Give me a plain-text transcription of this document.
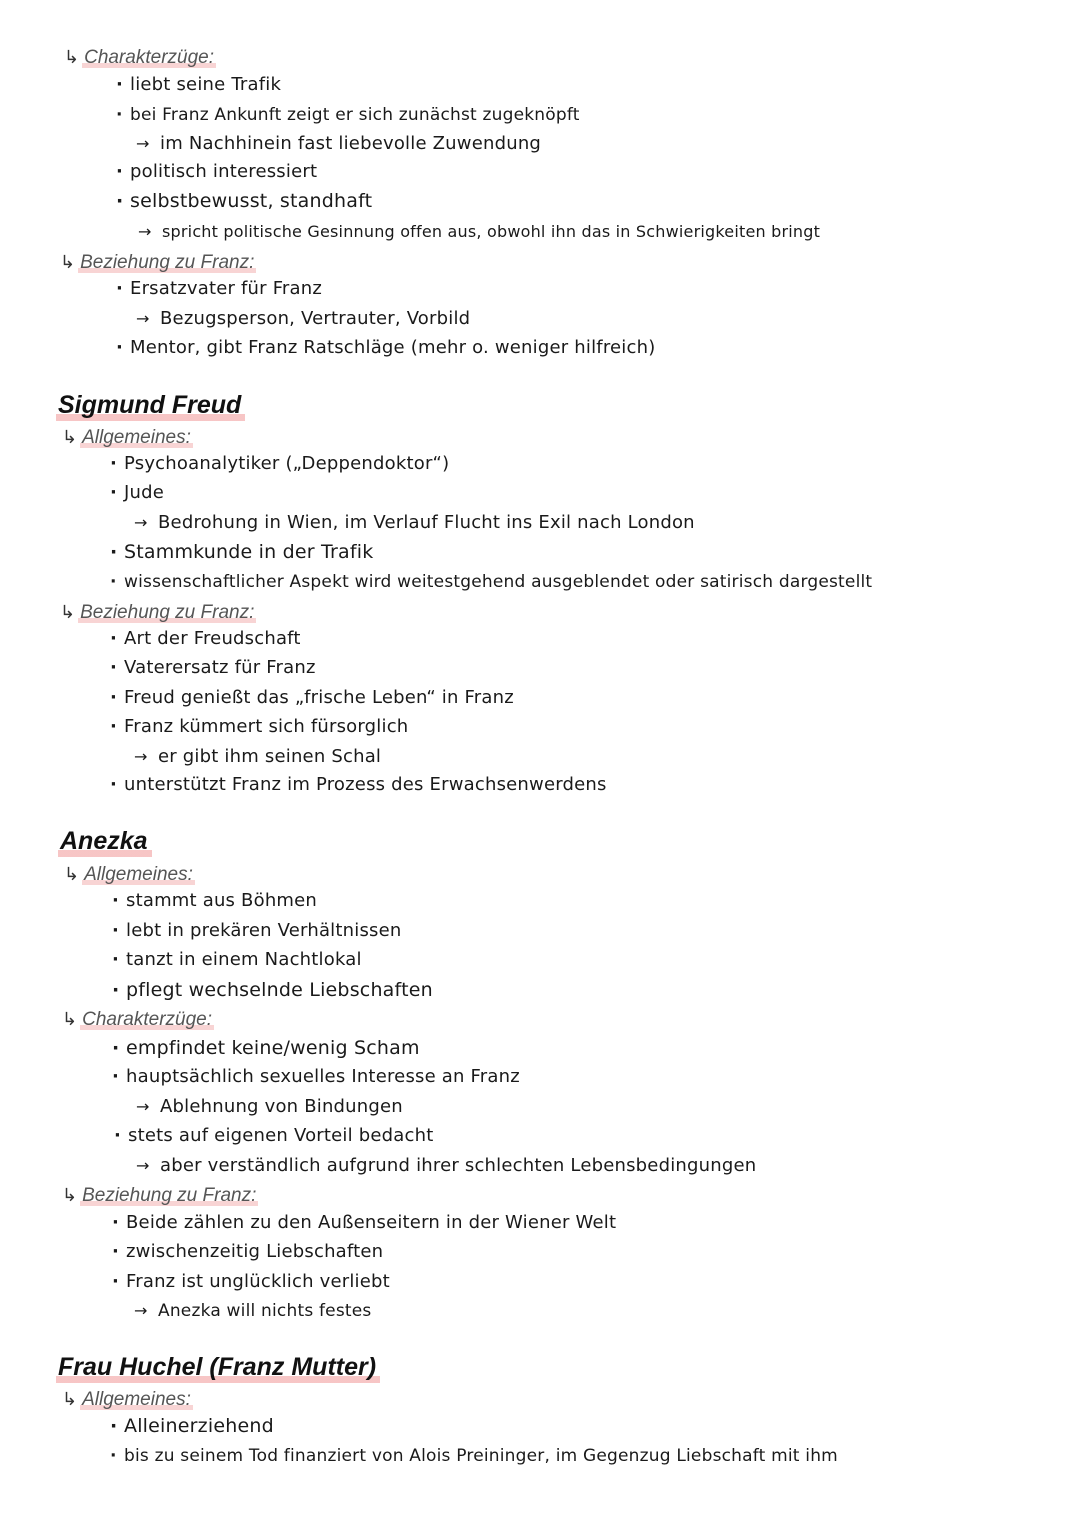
↳ Charakterzüge:
· liebt seine Trafik
· bei Franz Ankunft zeigt er sich zunächst zugeknöpft
→ im Nachhinein fast liebevolle Zuwendung
· politisch interessiert
· selbstbewusst, standhaft
→ spricht politische Gesinnung offen aus, obwohl ihn das in Schwierigkeiten bringt
↳ Beziehung zu Franz:
· Ersatzvater für Franz
→ Bezugsperson, Vertrauter, Vorbild
· Mentor, gibt Franz Ratschläge (mehr o. weniger hilfreich)
Sigmund Freud
↳ Allgemeines:
· Psychoanalytiker („Deppendoktor“)
· Jude
→ Bedrohung in Wien, im Verlauf Flucht ins Exil nach London
· Stammkunde in der Trafik
· wissenschaftlicher Aspekt wird weitestgehend ausgeblendet oder satirisch dargestellt
↳ Beziehung zu Franz:
· Art der Freudschaft
· Vaterersatz für Franz
· Freud genießt das „frische Leben“ in Franz
· Franz kümmert sich fürsorglich
→ er gibt ihm seinen Schal
· unterstützt Franz im Prozess des Erwachsenwerdens
Anezka
↳ Allgemeines:
· stammt aus Böhmen
· lebt in prekären Verhältnissen
· tanzt in einem Nachtlokal
· pflegt wechselnde Liebschaften
↳ Charakterzüge:
· empfindet keine/wenig Scham
· hauptsächlich sexuelles Interesse an Franz
→ Ablehnung von Bindungen
· stets auf eigenen Vorteil bedacht
→ aber verständlich aufgrund ihrer schlechten Lebensbedingungen
↳ Beziehung zu Franz:
· Beide zählen zu den Außenseitern in der Wiener Welt
· zwischenzeitig Liebschaften
· Franz ist unglücklich verliebt
→ Anezka will nichts festes
Frau Huchel (Franz Mutter)
↳ Allgemeines:
· Alleinerziehend
· bis zu seinem Tod finanziert von Alois Preininger, im Gegenzug Liebschaft mit ihm
